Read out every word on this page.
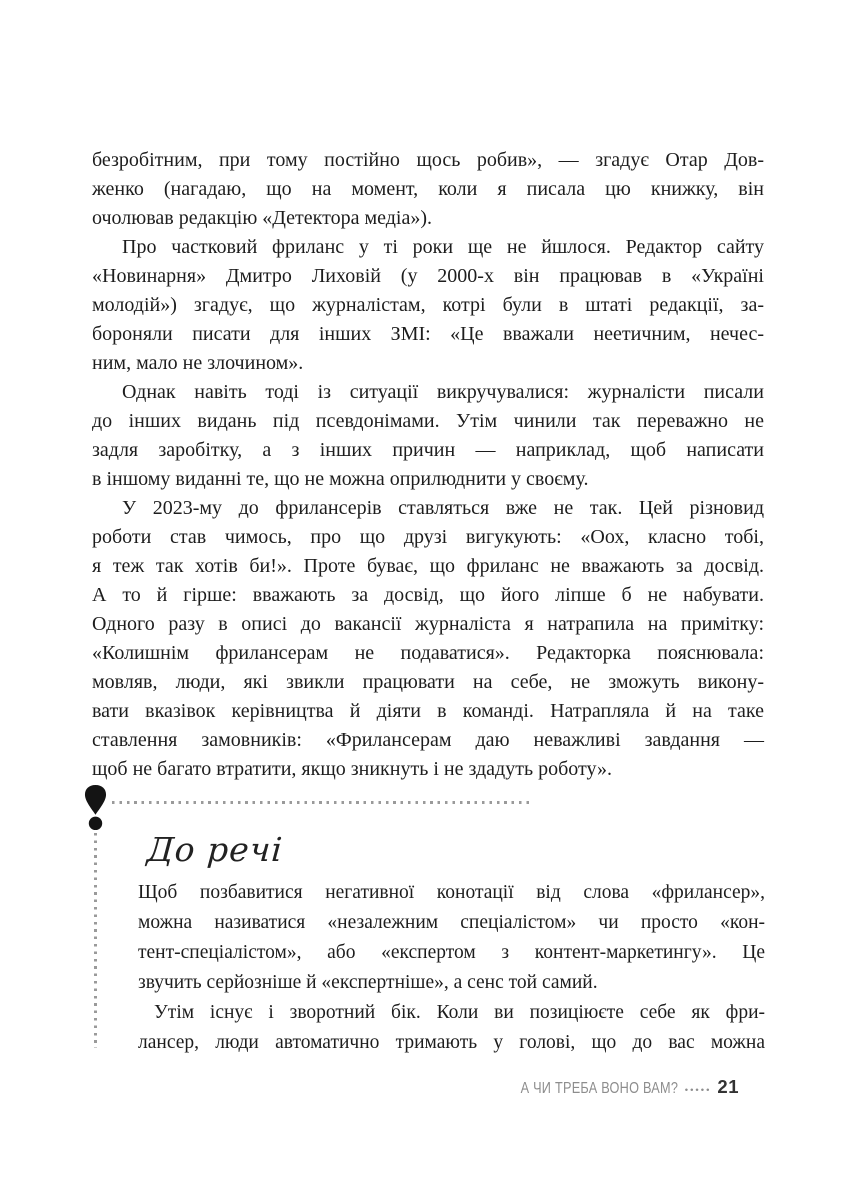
безробітним, при тому постійно щось робив», — згадує Отар Дов-
женко (нагадаю, що на момент, коли я писала цю книжку, він
очолював редакцію «Детектора медіа»).
Про частковий фриланс у ті роки ще не йшлося. Редактор сайту
«Новинарня» Дмитро Лиховій (у 2000-х він працював в «Україні
молодій») згадує, що журналістам, котрі були в штаті редакції, за-
бороняли писати для інших ЗМІ: «Це вважали неетичним, нечес-
ним, мало не злочином».
Однак навіть тоді із ситуації викручувалися: журналісти писали
до інших видань під псевдонімами. Утім чинили так переважно не
задля заробітку, а з інших причин — наприклад, щоб написати
в іншому виданні те, що не можна оприлюднити у своєму.
У 2023-му до фрилансерів ставляться вже не так. Цей різновид
роботи став чимось, про що друзі вигукують: «Оох, класно тобі,
я теж так хотів би!». Проте буває, що фриланс не вважають за досвід.
А то й гірше: вважають за досвід, що його ліпше б не набувати.
Одного разу в описі до вакансії журналіста я натрапила на примітку:
«Колишнім фрилансерам не подаватися». Редакторка пояснювала:
мовляв, люди, які звикли працювати на себе, не зможуть викону-
вати вказівок керівництва й діяти в команді. Натрапляла й на таке
ставлення замовників: «Фрилансерам даю неважливі завдання —
щоб не багато втратити, якщо зникнуть і не здадуть роботу».
До речі
Щоб позбавитися негативної конотації від слова «фрилансер»,
можна називатися «незалежним спеціалістом» чи просто «кон-
тент-спеціалістом», або «експертом з контент-маркетингу». Це
звучить серйозніше й «експертніше», а сенс той самий.
Утім існує і зворотний бік. Коли ви позиціюєте себе як фри-
лансер, люди автоматично тримають у голові, що до вас можна
А ЧИ ТРЕБА ВОНО ВАМ? ••••• 21
